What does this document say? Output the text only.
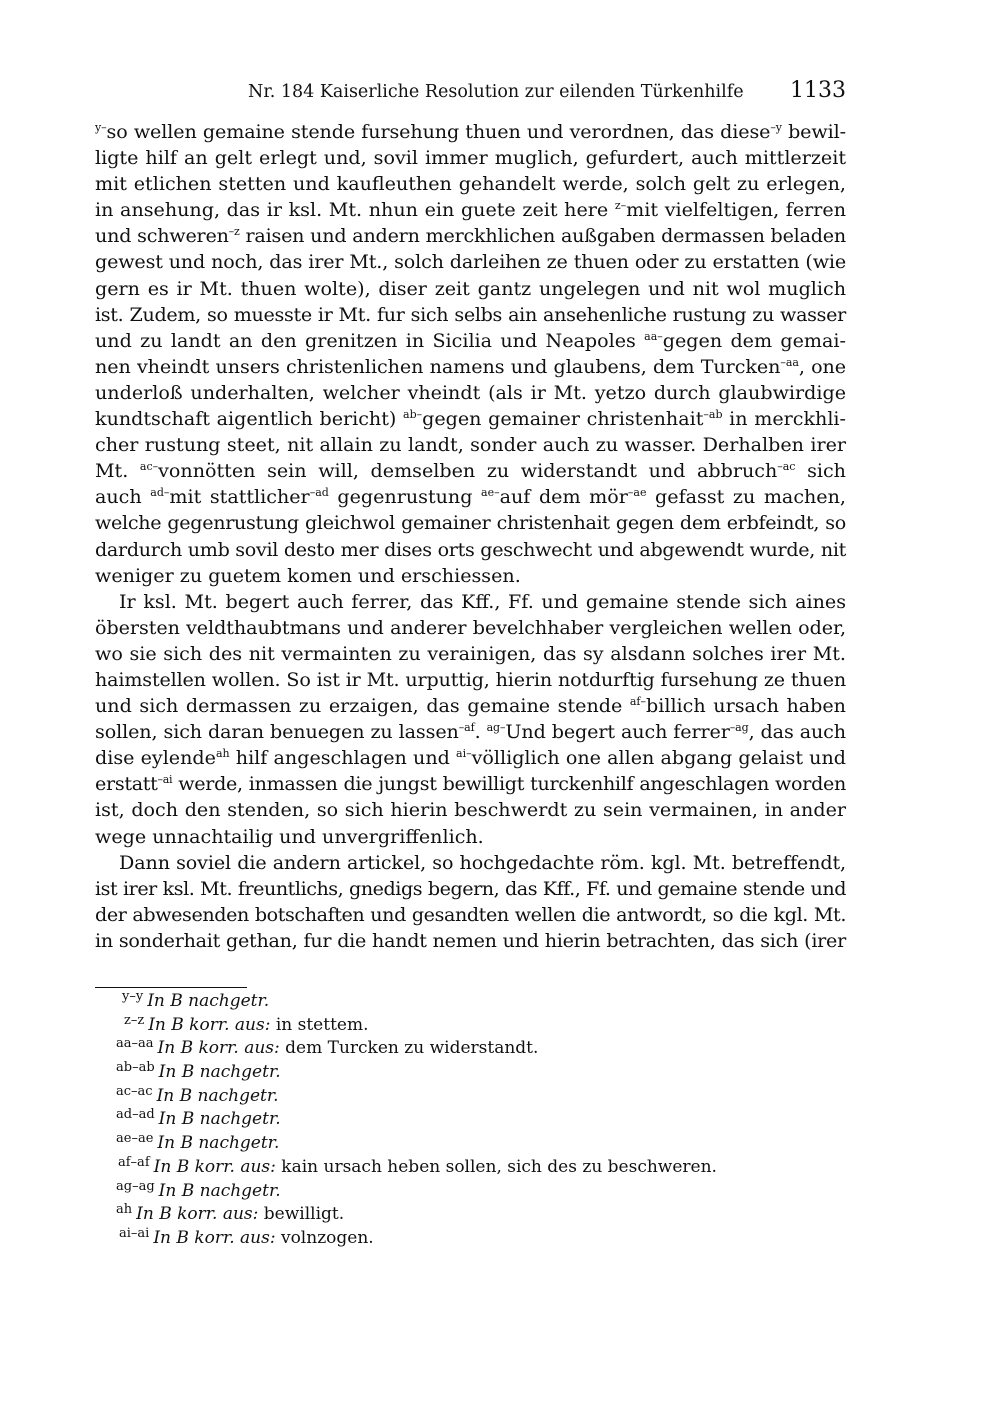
Nr. 184 Kaiserliche Resolution zur eilenden Türkenhilfe 1133
$^{y-}$so wellen gemaine stende fursehung thuen und verordnen, das diese$^{-y}$ bewil-
ligte hilf an gelt erlegt und, sovil immer muglich, gefurdert, auch mittlerzeit
mit etlichen stetten und kaufleuthen gehandelt werde, solch gelt zu erlegen,
in ansehung, das ir ksl. Mt. nhun ein guete zeit here $^{z-}$mit vielfeltigen, ferren
und schweren$^{-z}$ raisen und andern merckhlichen außgaben dermassen beladen
gewest und noch, das irer Mt., solch darleihen ze thuen oder zu erstatten (wie
gern es ir Mt. thuen wolte), diser zeit gantz ungelegen und nit wol muglich
ist. Zudem, so muesste ir Mt. fur sich selbs ain ansehenliche rustung zu wasser
und zu landt an den grenitzen in Sicilia und Neapoles $^{aa-}$gegen dem gemai-
nen vheindt unsers christenlichen namens und glaubens, dem Turcken$^{-aa}$, one
underloß underhalten, welcher vheindt (als ir Mt. yetzo durch glaubwirdige
kundtschaft aigentlich bericht) $^{ab-}$gegen gemainer christenhait$^{-ab}$ in merckhli-
cher rustung steet, nit allain zu landt, sonder auch zu wasser. Derhalben irer
Mt. $^{ac-}$vonnötten sein will, demselben zu widerstandt und abbruch$^{-ac}$ sich
auch $^{ad-}$mit stattlicher$^{-ad}$ gegenrustung $^{ae-}$auf dem mör$^{-ae}$ gefasst zu machen,
welche gegenrustung gleichwol gemainer christenhait gegen dem erbfeindt, so
dardurch umb sovil desto mer dises orts geschwecht und abgewendt wurde, nit
weniger zu guetem komen und erschiessen.
Ir ksl. Mt. begert auch ferrer, das Kff., Ff. und gemaine stende sich aines
öbersten veldthaubtmans und anderer bevelchhaber vergleichen wellen oder,
wo sie sich des nit vermainten zu verainigen, das sy alsdann solches irer Mt.
haimstellen wollen. So ist ir Mt. urputtig, hierin notdurftig fursehung ze thuen
und sich dermassen zu erzaigen, das gemaine stende $^{af-}$billich ursach haben
sollen, sich daran benuegen zu lassen$^{-af}$. $^{ag-}$Und begert auch ferrer$^{-ag}$, das auch
dise eylende$^{ah}$ hilf angeschlagen und $^{ai-}$völliglich one allen abgang gelaist und
erstatt$^{-ai}$ werde, inmassen die jungst bewilligt turckenhilf angeschlagen worden
ist, doch den stenden, so sich hierin beschwerdt zu sein vermainen, in ander
wege unnachtailig und unvergriffenlich.
Dann soviel die andern artickel, so hochgedachte röm. kgl. Mt. betreffendt,
ist irer ksl. Mt. freuntlichs, gnedigs begern, das Kff., Ff. und gemaine stende und
der abwesenden botschaften und gesandten wellen die antwordt, so die kgl. Mt.
in sonderhait gethan, fur die handt nemen und hierin betrachten, das sich (irer
y–y In B nachgetr.
z–z In B korr. aus: in stettem.
aa–aa In B korr. aus: dem Turcken zu widerstandt.
ab–ab In B nachgetr.
ac–ac In B nachgetr.
ad–ad In B nachgetr.
ae–ae In B nachgetr.
af–af In B korr. aus: kain ursach heben sollen, sich des zu beschweren.
ag–ag In B nachgetr.
ah In B korr. aus: bewilligt.
ai–ai In B korr. aus: volnzogen.
